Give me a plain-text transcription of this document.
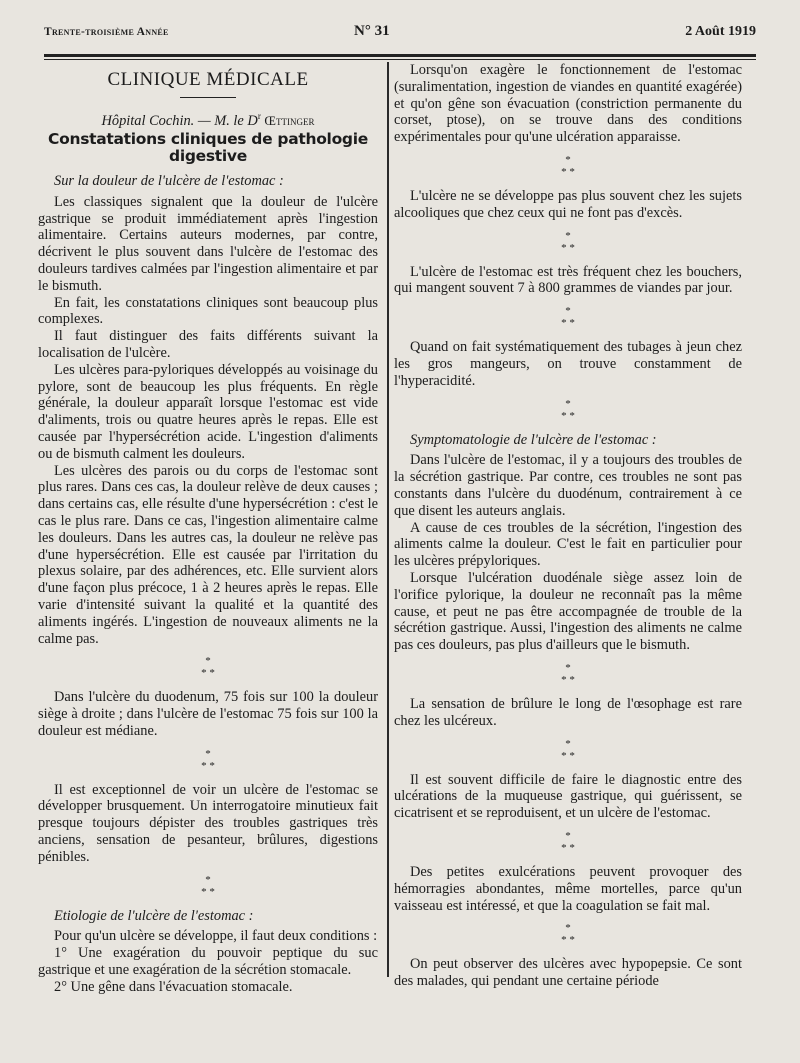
Trente-troisième Année	N° 31	2 Août 1919
CLINIQUE MÉDICALE
Hôpital Cochin. — M. le $D^r$ Œttinger
Constatations cliniques de pathologie digestive
Sur la douleur de l'ulcère de l'estomac :

Les classiques signalent que la douleur de l'ulcère gastrique se produit immédiatement après l'ingestion alimentaire. Certains auteurs modernes, par contre, décrivent le plus souvent dans l'ulcère de l'estomac des douleurs tardives calmées par l'ingestion alimentaire et par le bismuth.

En fait, les constatations cliniques sont beaucoup plus complexes.

Il faut distinguer des faits différents suivant la localisation de l'ulcère.

Les ulcères para-pyloriques développés au voisinage du pylore, sont de beaucoup les plus fréquents. En règle générale, la douleur apparaît lorsque l'estomac est vide d'aliments, trois ou quatre heures après le repas. Elle est causée par l'hypersécrétion acide. L'ingestion d'aliments ou de bismuth calment les douleurs.

Les ulcères des parois ou du corps de l'estomac sont plus rares. Dans ces cas, la douleur relève de deux causes ; dans certains cas, elle résulte d'une hypersécrétion : c'est le cas le plus rare. Dans ce cas, l'ingestion alimentaire calme les douleurs. Dans les autres cas, la douleur ne relève pas d'une hypersécrétion. Elle est causée par l'irritation du plexus solaire, par des adhérences, etc. Elle survient alors d'une façon plus précoce, 1 à 2 heures après le repas. Elle varie d'intensité suivant la qualité et la quantité des aliments ingérés. L'ingestion de nouveaux aliments ne la calme pas.

*
* *

Dans l'ulcère du duodenum, 75 fois sur 100 la douleur siège à droite ; dans l'ulcère de l'estomac 75 fois sur 100 la douleur est médiane.

*
* *

Il est exceptionnel de voir un ulcère de l'estomac se développer brusquement. Un interrogatoire minutieux fait presque toujours dépister des troubles gastriques très anciens, sensation de pesanteur, brûlures, digestions pénibles.

*
* *
Etiologie de l'ulcère de l'estomac :

Pour qu'un ulcère se développe, il faut deux conditions :

1° Une exagération du pouvoir peptique du suc gastrique et une exagération de la sécrétion stomacale.

2° Une gêne dans l'évacuation stomacale.

Lorsqu'on exagère le fonctionnement de l'estomac (suralimentation, ingestion de viandes en quantité exagérée) et qu'on gêne son évacuation (constriction permanente du corset, ptose), on se trouve dans des conditions expérimentales pour qu'une ulcération apparaisse.

*
* *

L'ulcère ne se développe pas plus souvent chez les sujets alcooliques que chez ceux qui ne font pas d'excès.

*
* *

L'ulcère de l'estomac est très fréquent chez les bouchers, qui mangent souvent 7 à 800 grammes de viandes par jour.

*
* *

Quand on fait systématiquement des tubages à jeun chez les gros mangeurs, on trouve constamment de l'hyperacidité.

*
* *
Symptomatologie de l'ulcère de l'estomac :

Dans l'ulcère de l'estomac, il y a toujours des troubles de la sécrétion gastrique. Par contre, ces troubles ne sont pas constants dans l'ulcère du duodénum, contrairement à ce que disent les auteurs anglais.

A cause de ces troubles de la sécrétion, l'ingestion des aliments calme la douleur. C'est le fait en particulier pour les ulcères prépyloriques.

Lorsque l'ulcération duodénale siège assez loin de l'orifice pylorique, la douleur ne reconnaît pas la même cause, et peut ne pas être accompagnée de trouble de la sécrétion gastrique. Aussi, l'ingestion des aliments ne calme pas ces douleurs, pas plus d'ailleurs que le bismuth.

*
* *

La sensation de brûlure le long de l'œsophage est rare chez les ulcéreux.

*
* *

Il est souvent difficile de faire le diagnostic entre des ulcérations de la muqueuse gastrique, qui guérissent, se cicatrisent et se reproduisent, et un ulcère de l'estomac.

*
* *

Des petites exulcérations peuvent provoquer des hémorragies abondantes, même mortelles, parce qu'un vaisseau est intéressé, et que la coagulation se fait mal.

*
* *

On peut observer des ulcères avec hypopepsie. Ce sont des malades, qui pendant une certaine période
